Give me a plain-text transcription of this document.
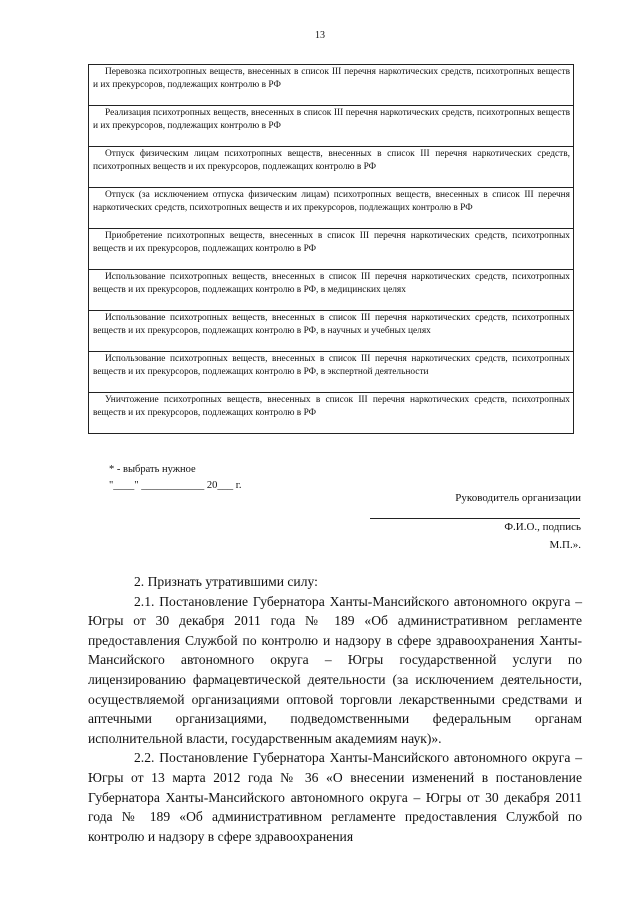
13
Перевозка психотропных веществ, внесенных в список III перечня наркотических средств, психотропных веществ и их прекурсоров, подлежащих контролю в РФ

Реализация психотропных веществ, внесенных в список III перечня наркотических средств, психотропных веществ и их прекурсоров, подлежащих контролю в РФ

Отпуск физическим лицам психотропных веществ, внесенных в список III перечня наркотических средств, психотропных веществ и их прекурсоров, подлежащих контролю в РФ

Отпуск (за исключением отпуска физическим лицам) психотропных веществ, внесенных в список III перечня наркотических средств, психотропных веществ и их прекурсоров, подлежащих контролю в РФ

Приобретение психотропных веществ, внесенных в список III перечня наркотических средств, психотропных веществ и их прекурсоров, подлежащих контролю в РФ

Использование психотропных веществ, внесенных в список III перечня наркотических средств, психотропных веществ и их прекурсоров, подлежащих контролю в РФ, в медицинских целях

Использование психотропных веществ, внесенных в список III перечня наркотических средств, психотропных веществ и их прекурсоров, подлежащих контролю в РФ, в научных и учебных целях

Использование психотропных веществ, внесенных в список III перечня наркотических средств, психотропных веществ и их прекурсоров, подлежащих контролю в РФ, в экспертной деятельности

Уничтожение психотропных веществ, внесенных в список III перечня наркотических средств, психотропных веществ и их прекурсоров, подлежащих контролю в РФ
* - выбрать нужное
"____" ____________ 20___ г.
Руководитель организации
Ф.И.О., подпись
М.П.».

2. Признать утратившими силу:

2.1. Постановление Губернатора Ханты-Мансийского автономного округа – Югры от 30 декабря 2011 года № 189 «Об административном регламенте предоставления Службой по контролю и надзору в сфере здравоохранения Ханты-Мансийского автономного округа – Югры государственной услуги по лицензированию фармацевтической деятельности (за исключением деятельности, осуществляемой организациями оптовой торговли лекарственными средствами и аптечными организациями, подведомственными федеральным органам исполнительной власти, государственным академиям наук)».

2.2. Постановление Губернатора Ханты-Мансийского автономного округа – Югры от 13 марта 2012 года № 36 «О внесении изменений в постановление Губернатора Ханты-Мансийского автономного округа – Югры от 30 декабря 2011 года № 189 «Об административном регламенте предоставления Службой по контролю и надзору в сфере здравоохранения
